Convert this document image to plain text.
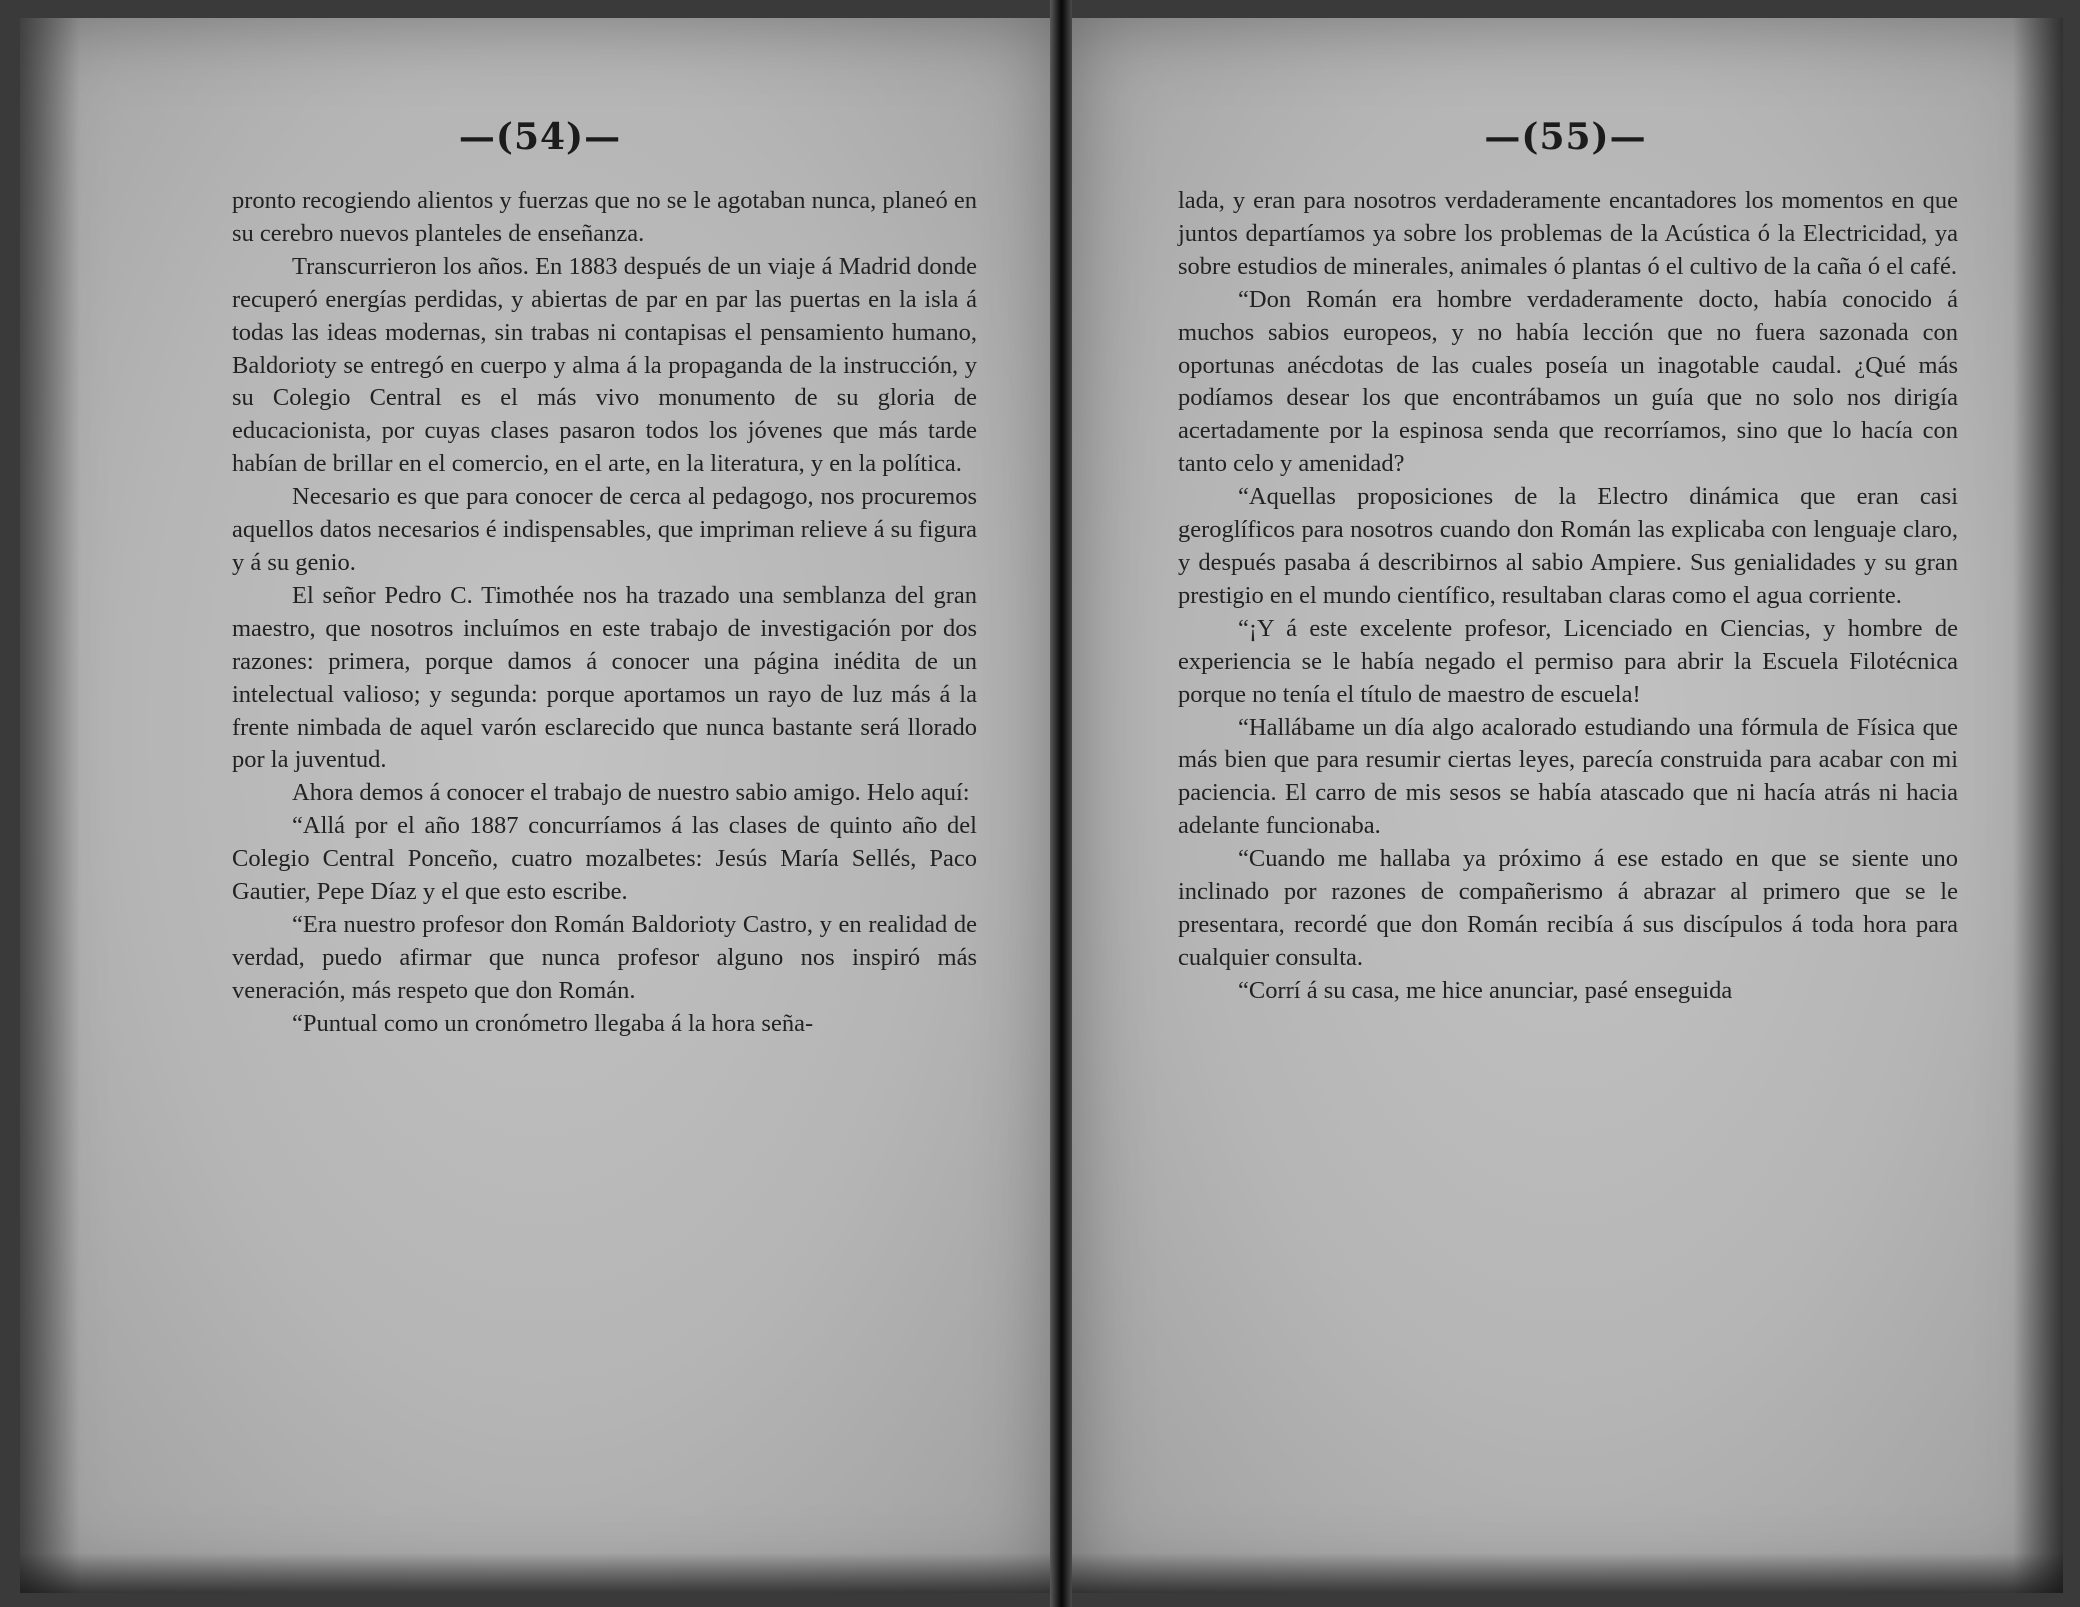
—(54)—

pronto recogiendo alientos y fuerzas que no se le agotaban nunca, planeó en su cerebro nuevos planteles de enseñanza.

Transcurrieron los años. En 1883 después de un viaje á Madrid donde recuperó energías perdidas, y abiertas de par en par las puertas en la isla á todas las ideas modernas, sin trabas ni contapisas el pensamiento humano, Baldorioty se entregó en cuerpo y alma á la propaganda de la instrucción, y su Colegio Central es el más vivo monumento de su gloria de educacionista, por cuyas clases pasaron todos los jóvenes que más tarde habían de brillar en el comercio, en el arte, en la literatura, y en la política.

Necesario es que para conocer de cerca al pedagogo, nos procuremos aquellos datos necesarios é indispensables, que impriman relieve á su figura y á su genio.

El señor Pedro C. Timothée nos ha trazado una semblanza del gran maestro, que nosotros incluímos en este trabajo de investigación por dos razones: primera, porque damos á conocer una página inédita de un intelectual valioso; y segunda: porque aportamos un rayo de luz más á la frente nimbada de aquel varón esclarecido que nunca bastante será llorado por la juventud.

Ahora demos á conocer el trabajo de nuestro sabio amigo. Helo aquí:

“Allá por el año 1887 concurríamos á las clases de quinto año del Colegio Central Ponceño, cuatro mozalbetes: Jesús María Sellés, Paco Gautier, Pepe Díaz y el que esto escribe.

“Era nuestro profesor don Román Baldorioty Castro, y en realidad de verdad, puedo afirmar que nunca profesor alguno nos inspiró más veneración, más respeto que don Román.

“Puntual como un cronómetro llegaba á la hora seña-

—(55)—

lada, y eran para nosotros verdaderamente encantadores los momentos en que juntos departíamos ya sobre los problemas de la Acústica ó la Electricidad, ya sobre estudios de minerales, animales ó plantas ó el cultivo de la caña ó el café.

“Don Román era hombre verdaderamente docto, había conocido á muchos sabios europeos, y no había lección que no fuera sazonada con oportunas anécdotas de las cuales poseía un inagotable caudal. ¿Qué más podíamos desear los que encontrábamos un guía que no solo nos dirigía acertadamente por la espinosa senda que recorríamos, sino que lo hacía con tanto celo y amenidad?

“Aquellas proposiciones de la Electro dinámica que eran casi geroglíficos para nosotros cuando don Román las explicaba con lenguaje claro, y después pasaba á describirnos al sabio Ampiere. Sus genialidades y su gran prestigio en el mundo científico, resultaban claras como el agua corriente.

“¡Y á este excelente profesor, Licenciado en Ciencias, y hombre de experiencia se le había negado el permiso para abrir la Escuela Filotécnica porque no tenía el título de maestro de escuela!

“Hallábame un día algo acalorado estudiando una fórmula de Física que más bien que para resumir ciertas leyes, parecía construida para acabar con mi paciencia. El carro de mis sesos se había atascado que ni hacía atrás ni hacia adelante funcionaba.

“Cuando me hallaba ya próximo á ese estado en que se siente uno inclinado por razones de compañerismo á abrazar al primero que se le presentara, recordé que don Román recibía á sus discípulos á toda hora para cualquier consulta.

“Corrí á su casa, me hice anunciar, pasé enseguida
